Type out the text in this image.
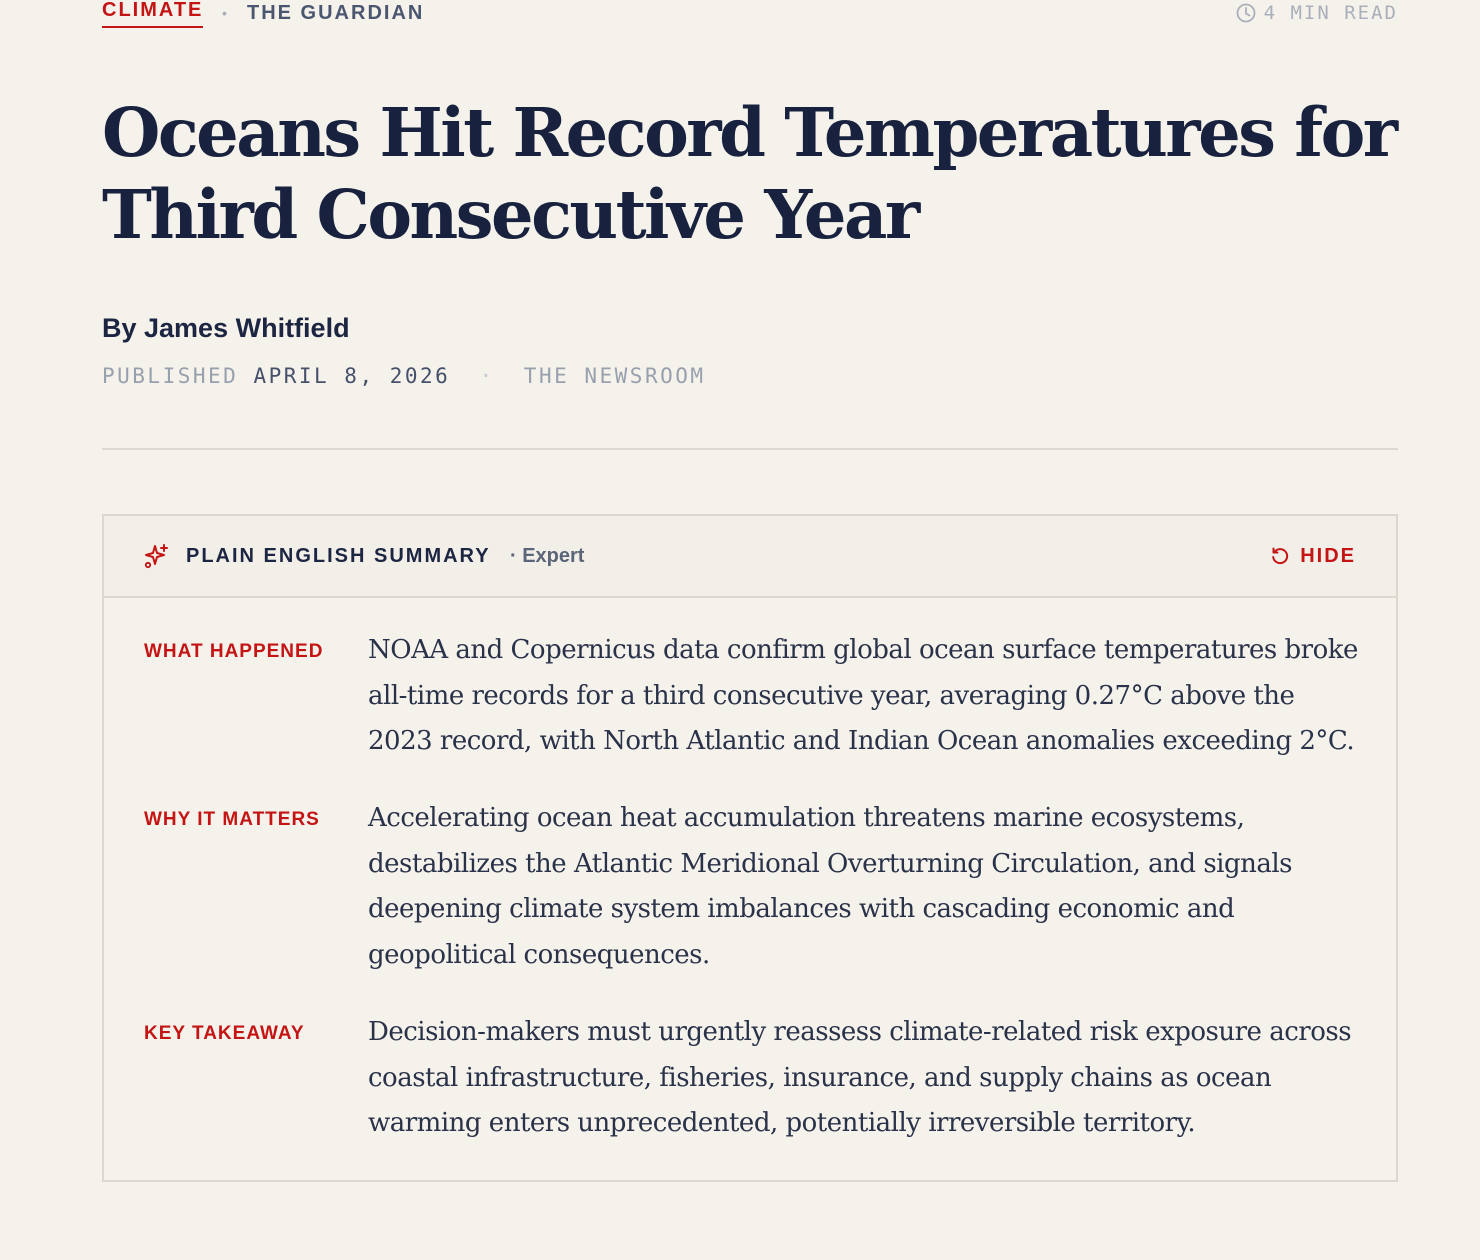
CLIMATE • THE GUARDIAN	4 MIN READ
Oceans Hit Record Temperatures for Third Consecutive Year
By James Whitfield
PUBLISHED APRIL 8, 2026 · THE NEWSROOM
PLAIN ENGLISH SUMMARY · Expert	HIDE
WHAT HAPPENED	NOAA and Copernicus data confirm global ocean surface temperatures broke all-time records for a third consecutive year, averaging 0.27°C above the 2023 record, with North Atlantic and Indian Ocean anomalies exceeding 2°C.
WHY IT MATTERS	Accelerating ocean heat accumulation threatens marine ecosystems, destabilizes the Atlantic Meridional Overturning Circulation, and signals deepening climate system imbalances with cascading economic and geopolitical consequences.
KEY TAKEAWAY	Decision-makers must urgently reassess climate-related risk exposure across coastal infrastructure, fisheries, insurance, and supply chains as ocean warming enters unprecedented, potentially irreversible territory.
